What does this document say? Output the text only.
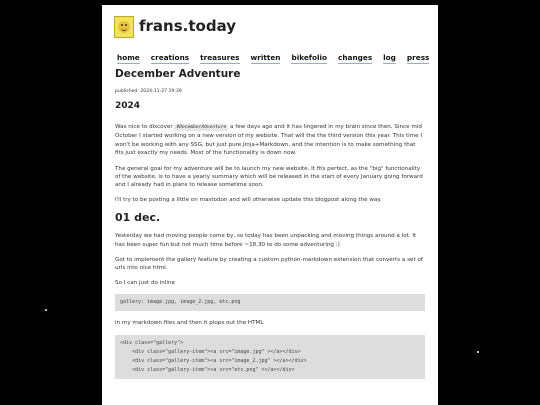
frans.today
home creations treasures written bikefolio changes log press
December Adventure
published: 2024-11-27 19:39
2024

Was nice to discover #DecemberAdventure a few days ago and it has lingered in my brain since then. Since mid October I started working on a new version of my website. That will the the third version this year. This time I won't be working with any SSG, but just pure Jinja+Markdown, and the intention is to make something that fits just exactly my needs. Most of the functionality is down now.

The general goal for my adventure will be to launch my new website. It fits perfect, as the "big" functionality of the website, is to have a yearly summary which will be released in the start of every January going forward and I already had in plans to release sometime soon.

I'll try to be posting a little on mastodon and will otherwise update this blogpost along the way.

01 dec.

Yesterday we had moving people come by, so today has been unpacking and moving things around a lot. It has been super fun but not much time before ~18.30 to do some adventuring :)

Got to implement the gallery feature by creating a custom python-markdown extension that converts a set of urls into nice html.

So I can just do inline

gallery: image.jpg, image_2.jpg, etc.png

in my markdown files and then it plops out the HTML

<div class="gallery">
<div class="gallery-item"><a src="image.jpg" ></a></div>
<div class="gallery-item"><a src="image_2.jpg" ></a></div>
<div class="gallery-item"><a src="etc.png" ></a></div>
